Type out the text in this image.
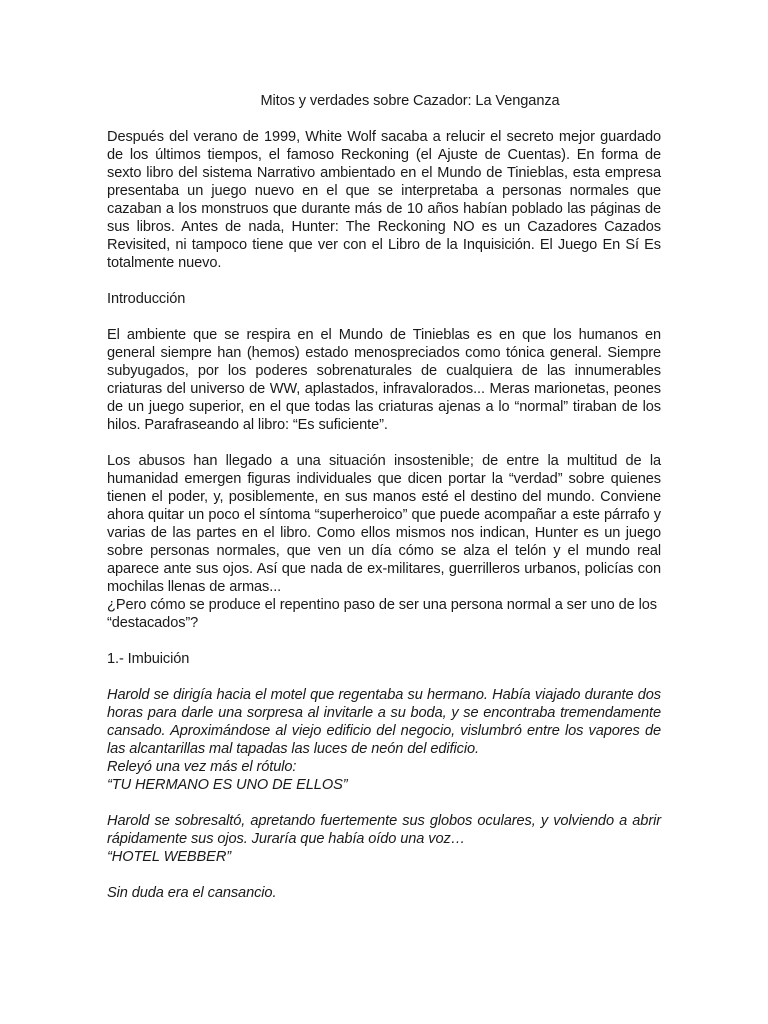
Mitos y verdades sobre Cazador: La Venganza

Después del verano de 1999, White Wolf sacaba a relucir el secreto mejor guardado de los últimos tiempos, el famoso Reckoning (el Ajuste de Cuentas). En forma de sexto libro del sistema Narrativo ambientado en el Mundo de Tinieblas, esta empresa presentaba un juego nuevo en el que se interpretaba a personas normales que cazaban a los monstruos que durante más de 10 años habían poblado las páginas de sus libros. Antes de nada, Hunter: The Reckoning NO es un Cazadores Cazados Revisited, ni tampoco tiene que ver con el Libro de la Inquisición. El Juego En Sí Es totalmente nuevo.

Introducción

El ambiente que se respira en el Mundo de Tinieblas es en que los humanos en general siempre han (hemos) estado menospreciados como tónica general. Siempre subyugados, por los poderes sobrenaturales de cualquiera de las innumerables criaturas del universo de WW, aplastados, infravalorados... Meras marionetas, peones de un juego superior, en el que todas las criaturas ajenas a lo “normal” tiraban de los hilos. Parafraseando al libro: “Es suficiente”.

Los abusos han llegado a una situación insostenible; de entre la multitud de la humanidad emergen figuras individuales que dicen portar la “verdad” sobre quienes tienen el poder, y, posiblemente, en sus manos esté el destino del mundo. Conviene ahora quitar un poco el síntoma “superheroico” que puede acompañar a este párrafo y varias de las partes en el libro. Como ellos mismos nos indican, Hunter es un juego sobre personas normales, que ven un día cómo se alza el telón y el mundo real aparece ante sus ojos. Así que nada de ex-militares, guerrilleros urbanos, policías con mochilas llenas de armas...

¿Pero cómo se produce el repentino paso de ser una persona normal a ser uno de los “destacados”?

1.- Imbuición

Harold se dirigía hacia el motel que regentaba su hermano. Había viajado durante dos horas para darle una sorpresa al invitarle a su boda, y se encontraba tremendamente cansado. Aproximándose al viejo edificio del negocio, vislumbró entre los vapores de las alcantarillas mal tapadas las luces de neón del edificio.
Releyó una vez más el rótulo:
“TU HERMANO ES UNO DE ELLOS”
Harold se sobresaltó, apretando fuertemente sus globos oculares, y volviendo a abrir rápidamente sus ojos. Juraría que había oído una voz…
“HOTEL WEBBER”

Sin duda era el cansancio.
